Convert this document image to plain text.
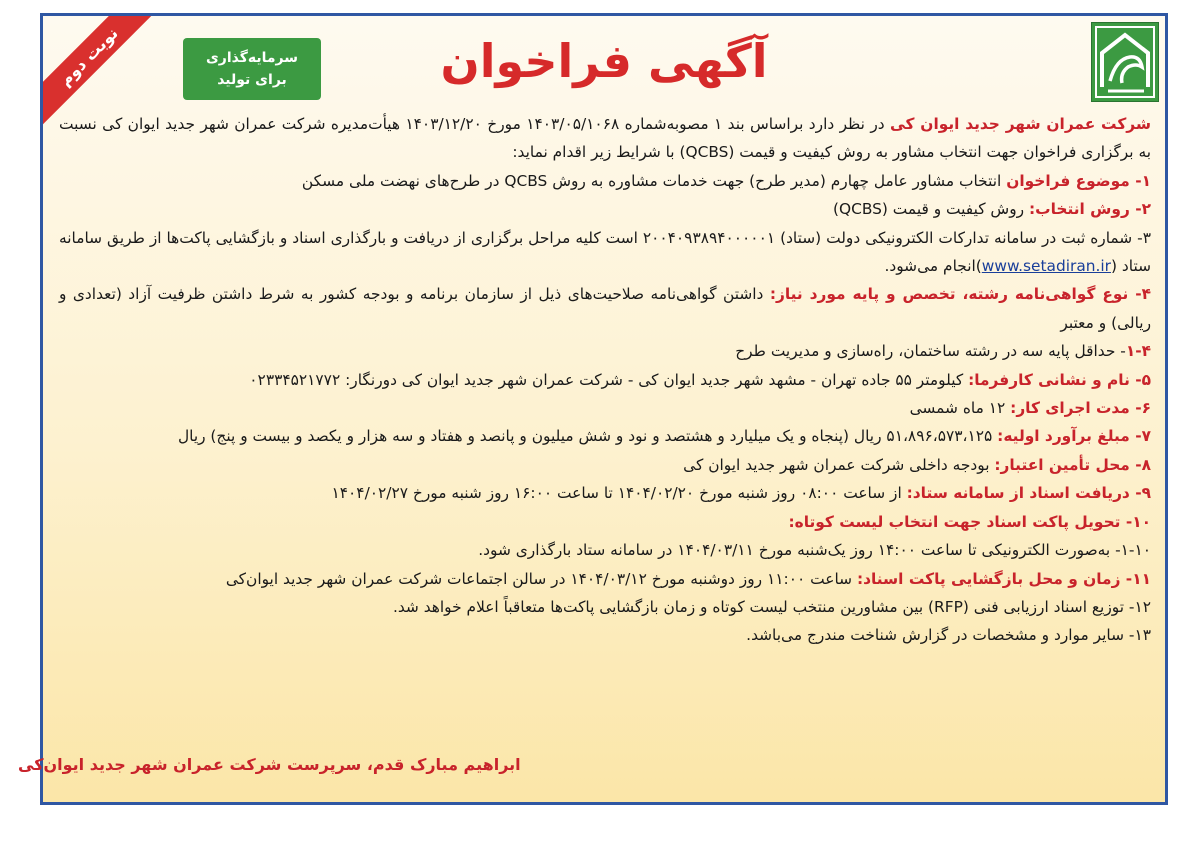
آگهی فراخوان
نوبت دوم	سرمایه‌گذاری
برای تولید

شرکت عمران شهر جدید ایوان کی در نظر دارد براساس بند ۱ مصوبه‌شماره ۱۴۰۳/۰۵/۱۰۶۸ مورخ ۱۴۰۳/۱۲/۲۰ هیأت‌مدیره شرکت عمران شهر جدید ایوان کی نسبت به برگزاری فراخوان جهت انتخاب مشاور به روش کیفیت و قیمت (QCBS) با شرایط زیر اقدام نماید:

۱- موضوع فراخوان انتخاب مشاور عامل چهارم (مدیر طرح) جهت خدمات مشاوره به روش QCBS در طرح‌های نهضت ملی مسکن

۲- روش انتخاب: روش کیفیت و قیمت (QCBS)

۳- شماره ثبت در سامانه تدارکات الکترونیکی دولت (ستاد) ۲۰۰۴۰۹۳۸۹۴۰۰۰۰۰۱ است کلیه مراحل برگزاری از دریافت و بارگذاری اسناد و بازگشایی پاکت‌ها از طریق سامانه ستاد (www.setadiran.ir)انجام می‌شود.

۴- نوع گواهی‌نامه رشته، تخصص و پایه مورد نیاز: داشتن گواهی‌نامه صلاحیت‌های ذیل از سازمان برنامه و بودجه کشور به شرط داشتن ظرفیت آزاد (تعدادی و ریالی) و معتبر

۱-۴- حداقل پایه سه در رشته ساختمان، راه‌سازی و مدیریت طرح

۵- نام و نشانی کارفرما: کیلومتر ۵۵ جاده تهران - مشهد شهر جدید ایوان کی - شرکت عمران شهر جدید ایوان کی دورنگار: ۰۲۳۳۴۵۲۱۷۷۲

۶- مدت اجرای کار: ۱۲ ماه شمسی

۷- مبلغ برآورد اولیه: ۵۱،۸۹۶،۵۷۳،۱۲۵ ریال (پنجاه و یک میلیارد و هشتصد و نود و شش میلیون و پانصد و هفتاد و سه هزار و یکصد و بیست و پنج) ریال

۸- محل تأمین اعتبار: بودجه داخلی شرکت عمران شهر جدید ایوان کی

۹- دریافت اسناد از سامانه ستاد: از ساعت ۰۸:۰۰ روز شنبه مورخ ۱۴۰۴/۰۲/۲۰ تا ساعت ۱۶:۰۰ روز شنبه مورخ ۱۴۰۴/۰۲/۲۷

۱۰- تحویل پاکت اسناد جهت انتخاب لیست کوتاه:

۱-۱۰- به‌صورت الکترونیکی تا ساعت ۱۴:۰۰ روز یک‌شنبه مورخ ۱۴۰۴/۰۳/۱۱ در سامانه ستاد بارگذاری شود.

۱۱- زمان و محل بازگشایی پاکت اسناد: ساعت ۱۱:۰۰ روز دوشنبه مورخ ۱۴۰۴/۰۳/۱۲ در سالن اجتماعات شرکت عمران شهر جدید ایوان‌کی

۱۲- توزیع اسناد ارزیابی فنی (RFP) بین مشاورین منتخب لیست کوتاه و زمان بازگشایی پاکت‌ها متعاقباً اعلام خواهد شد.

۱۳- سایر موارد و مشخصات در گزارش شناخت مندرج می‌باشد.

ابراهیم مبارک قدم، سرپرست شرکت عمران شهر جدید ایوان‌کی
